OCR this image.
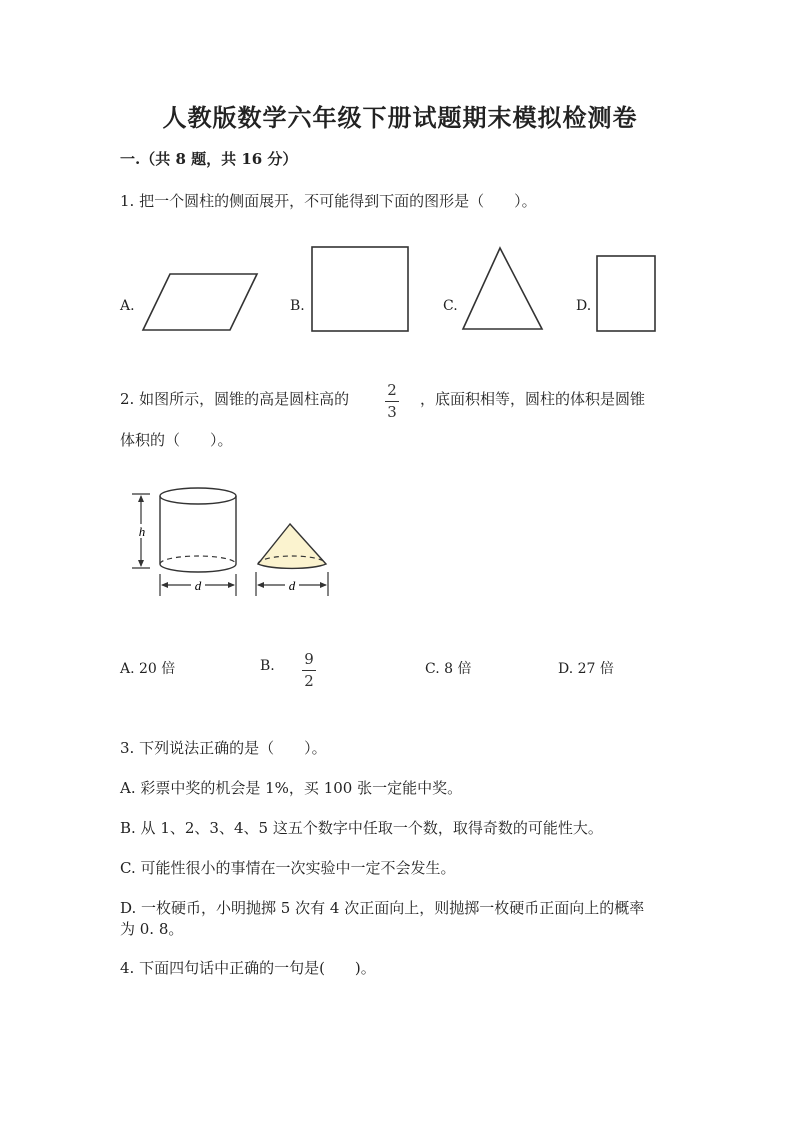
人教版数学六年级下册试题期末模拟检测卷
一.（共 8 题，共 16 分）
1. 把一个圆柱的侧面展开，不可能得到下面的图形是（　　）。
A.	B.	C.	D.
2. 如图所示，圆锥的高是圆柱高的	2
3
，底面积相等，圆柱的体积是圆锥
体积的（　　）。
h
d	d
A. 20 倍	B. 9
2
C. 8 倍	D. 27 倍
3. 下列说法正确的是（　　）。
A. 彩票中奖的机会是 1%，买 100 张一定能中奖。
B. 从 1、2、3、4、5 这五个数字中任取一个数，取得奇数的可能性大。
C. 可能性很小的事情在一次实验中一定不会发生。
D. 一枚硬币，小明抛掷 5 次有 4 次正面向上，则抛掷一枚硬币正面向上的概率
为 0. 8。
4. 下面四句话中正确的一句是(　　)。
